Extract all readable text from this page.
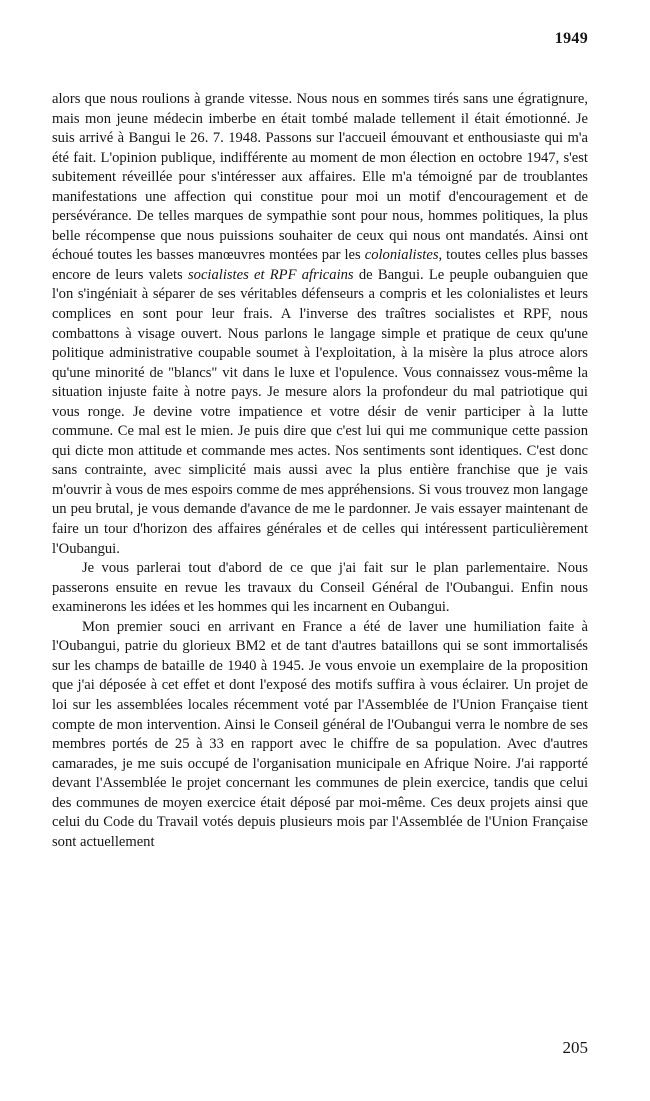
1949

alors que nous roulions à grande vitesse. Nous nous en sommes tirés sans une égratignure, mais mon jeune médecin imberbe en était tombé malade tellement il était émotionné. Je suis arrivé à Bangui le 26. 7. 1948. Passons sur l'accueil émouvant et enthousiaste qui m'a été fait. L'opinion publique, indifférente au moment de mon élection en octobre 1947, s'est subitement réveillée pour s'intéresser aux affaires. Elle m'a témoigné par de troublantes manifestations une affection qui constitue pour moi un motif d'encouragement et de persévérance. De telles marques de sympathie sont pour nous, hommes politiques, la plus belle récompense que nous puissions souhaiter de ceux qui nous ont mandatés. Ainsi ont échoué toutes les basses manœuvres montées par les colonialistes, toutes celles plus basses encore de leurs valets socialistes et RPF africains de Bangui. Le peuple oubanguien que l'on s'ingéniait à séparer de ses véritables défenseurs a compris et les colonialistes et leurs complices en sont pour leur frais. A l'inverse des traîtres socialistes et RPF, nous combattons à visage ouvert. Nous parlons le langage simple et pratique de ceux qu'une politique administrative coupable soumet à l'exploitation, à la misère la plus atroce alors qu'une minorité de "blancs" vit dans le luxe et l'opulence. Vous connaissez vous-même la situation injuste faite à notre pays. Je mesure alors la profondeur du mal patriotique qui vous ronge. Je devine votre impatience et votre désir de venir participer à la lutte commune. Ce mal est le mien. Je puis dire que c'est lui qui me communique cette passion qui dicte mon attitude et commande mes actes. Nos sentiments sont identiques. C'est donc sans contrainte, avec simplicité mais aussi avec la plus entière franchise que je vais m'ouvrir à vous de mes espoirs comme de mes appréhensions. Si vous trouvez mon langage un peu brutal, je vous demande d'avance de me le pardonner. Je vais essayer maintenant de faire un tour d'horizon des affaires générales et de celles qui intéressent particulièrement l'Oubangui.

Je vous parlerai tout d'abord de ce que j'ai fait sur le plan parlementaire. Nous passerons ensuite en revue les travaux du Conseil Général de l'Oubangui. Enfin nous examinerons les idées et les hommes qui les incarnent en Oubangui.

Mon premier souci en arrivant en France a été de laver une humiliation faite à l'Oubangui, patrie du glorieux BM2 et de tant d'autres bataillons qui se sont immortalisés sur les champs de bataille de 1940 à 1945. Je vous envoie un exemplaire de la proposition que j'ai déposée à cet effet et dont l'exposé des motifs suffira à vous éclairer. Un projet de loi sur les assemblées locales récemment voté par l'Assemblée de l'Union Française tient compte de mon intervention. Ainsi le Conseil général de l'Oubangui verra le nombre de ses membres portés de 25 à 33 en rapport avec le chiffre de sa population. Avec d'autres camarades, je me suis occupé de l'organisation municipale en Afrique Noire. J'ai rapporté devant l'Assemblée le projet concernant les communes de plein exercice, tandis que celui des communes de moyen exercice était déposé par moi-même. Ces deux projets ainsi que celui du Code du Travail votés depuis plusieurs mois par l'Assemblée de l'Union Française sont actuellement

205
